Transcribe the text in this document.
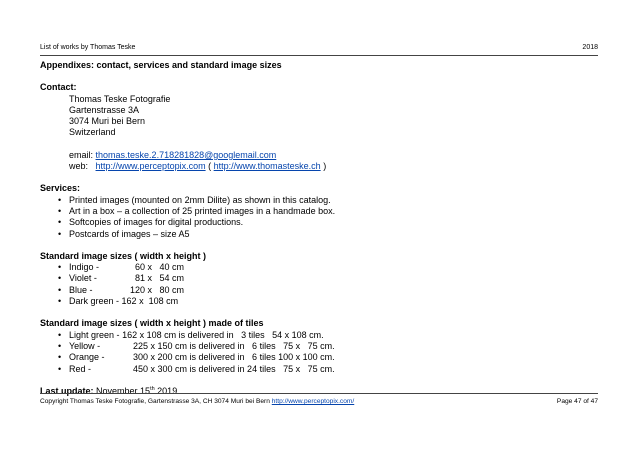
List of works by Thomas Teske	2018

Appendixes: contact, services and standard image sizes

Contact:

Thomas Teske Fotografie

Gartenstrasse 3A

3074 Muri bei Bern

Switzerland

email: thomas.teske.2.718281828@googlemail.com

web: http://www.perceptopix.com ( http://www.thomasteske.ch )

Services:

• Printed images (mounted on 2mm Dilite) as shown in this catalog.
• Art in a box – a collection of 25 printed images in a handmade box.
• Softcopies of images for digital productions.
• Postcards of images – size A5

Standard image sizes ( width x height )

• Indigo -	60 x   40 cm
• Violet -	81 x   54 cm
• Blue -	120 x   80 cm
• Dark green - 162 x  108 cm

Standard image sizes ( width x height ) made of tiles

• Light green - 162 x 108 cm is delivered in   3 tiles   54 x 108 cm.
• Yellow -	225 x 150 cm is delivered in   6 tiles   75 x   75 cm.
• Orange -	300 x 200 cm is delivered in   6 tiles 100 x 100 cm.
• Red -	450 x 300 cm is delivered in 24 tiles   75 x   75 cm.

Last update: November 15th 2019

Copyright Thomas Teske Fotografie, Gartenstrasse 3A, CH 3074 Muri bei Bern http://www.perceptopix.com/	Page 47 of 47
